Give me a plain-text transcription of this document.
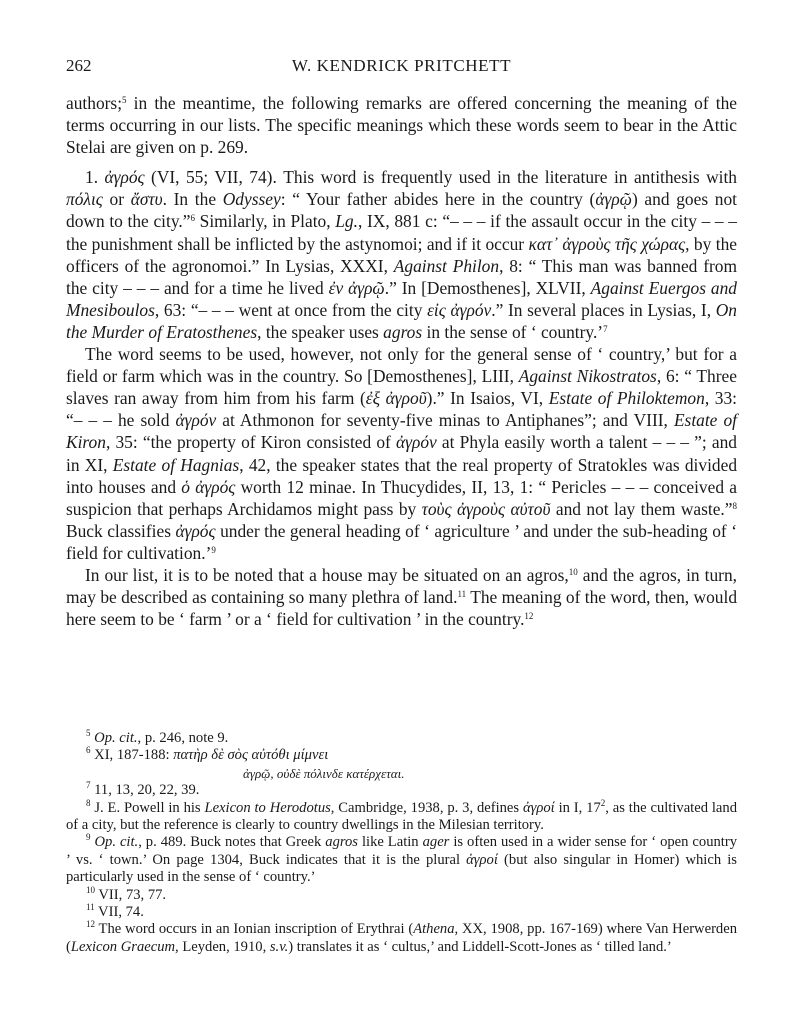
262	W. KENDRICK PRITCHETT

authors;$^5$ in the meantime, the following remarks are offered concerning the meaning of the terms occurring in our lists. The specific meanings which these words seem to bear in the Attic Stelai are given on p. 269.

1. ἀγρός (VI, 55; VII, 74). This word is frequently used in the literature in antithesis with πόλις or ἄστυ. In the Odyssey: “ Your father abides here in the country (ἀγρῷ) and goes not down to the city.”$^6$ Similarly, in Plato, Lg., IX, 881 c: “– – – if the assault occur in the city – – – the punishment shall be inflicted by the astynomoi; and if it occur κατ᾽ ἀγροὺς τῆς χώρας, by the officers of the agronomoi.” In Lysias, XXXI, Against Philon, 8: “ This man was banned from the city – – – and for a time he lived ἐν ἀγρῷ.” In [Demosthenes], XLVII, Against Euergos and Mnesiboulos, 63: “– – – went at once from the city εἰς ἀγρόν.” In several places in Lysias, I, On the Murder of Eratosthenes, the speaker uses agros in the sense of ‘ country.’$^7$

The word seems to be used, however, not only for the general sense of ‘ country,’ but for a field or farm which was in the country. So [Demosthenes], LIII, Against Nikostratos, 6: “ Three slaves ran away from him from his farm (ἐξ ἀγροῦ).” In Isaios, VI, Estate of Philoktemon, 33: “– – – he sold ἀγρόν at Athmonon for seventy-five minas to Antiphanes”; and VIII, Estate of Kiron, 35: “the property of Kiron consisted of ἀγρόν at Phyla easily worth a talent – – – ”; and in XI, Estate of Hagnias, 42, the speaker states that the real property of Stratokles was divided into houses and ὁ ἀγρός worth 12 minae. In Thucydides, II, 13, 1: “ Pericles – – – conceived a suspicion that perhaps Archidamos might pass by τοὺς ἀγροὺς αὐτοῦ and not lay them waste.”$^8$ Buck classifies ἀγρός under the general heading of ‘ agriculture ’ and under the sub-heading of ‘ field for cultivation.’$^9$

In our list, it is to be noted that a house may be situated on an agros,$^{10}$ and the agros, in turn, may be described as containing so many plethra of land.$^{11}$ The meaning of the word, then, would here seem to be ‘ farm ’ or a ‘ field for cultivation ’ in the country.$^{12}$

$^5$ Op. cit., p. 246, note 9.

$^6$ XI, 187-188: πατὴρ δὲ σὸς αὐτόθι μίμνει

ἀγρῷ, οὐδὲ πόλινδε κατέρχεται.

$^7$ 11, 13, 20, 22, 39.

$^8$ J. E. Powell in his Lexicon to Herodotus, Cambridge, 1938, p. 3, defines ἀγροί in I, $17^2$, as the cultivated land of a city, but the reference is clearly to country dwellings in the Milesian territory.

$^9$ Op. cit., p. 489. Buck notes that Greek agros like Latin ager is often used in a wider sense for ‘ open country ’ vs. ‘ town.’ On page 1304, Buck indicates that it is the plural ἀγροί (but also singular in Homer) which is particularly used in the sense of ‘ country.’

$^{10}$ VII, 73, 77.

$^{11}$ VII, 74.

$^{12}$ The word occurs in an Ionian inscription of Erythrai (Athena, XX, 1908, pp. 167-169) where Van Herwerden (Lexicon Graecum, Leyden, 1910, s.v.) translates it as ‘ cultus,’ and Liddell-Scott-Jones as ‘ tilled land.’
